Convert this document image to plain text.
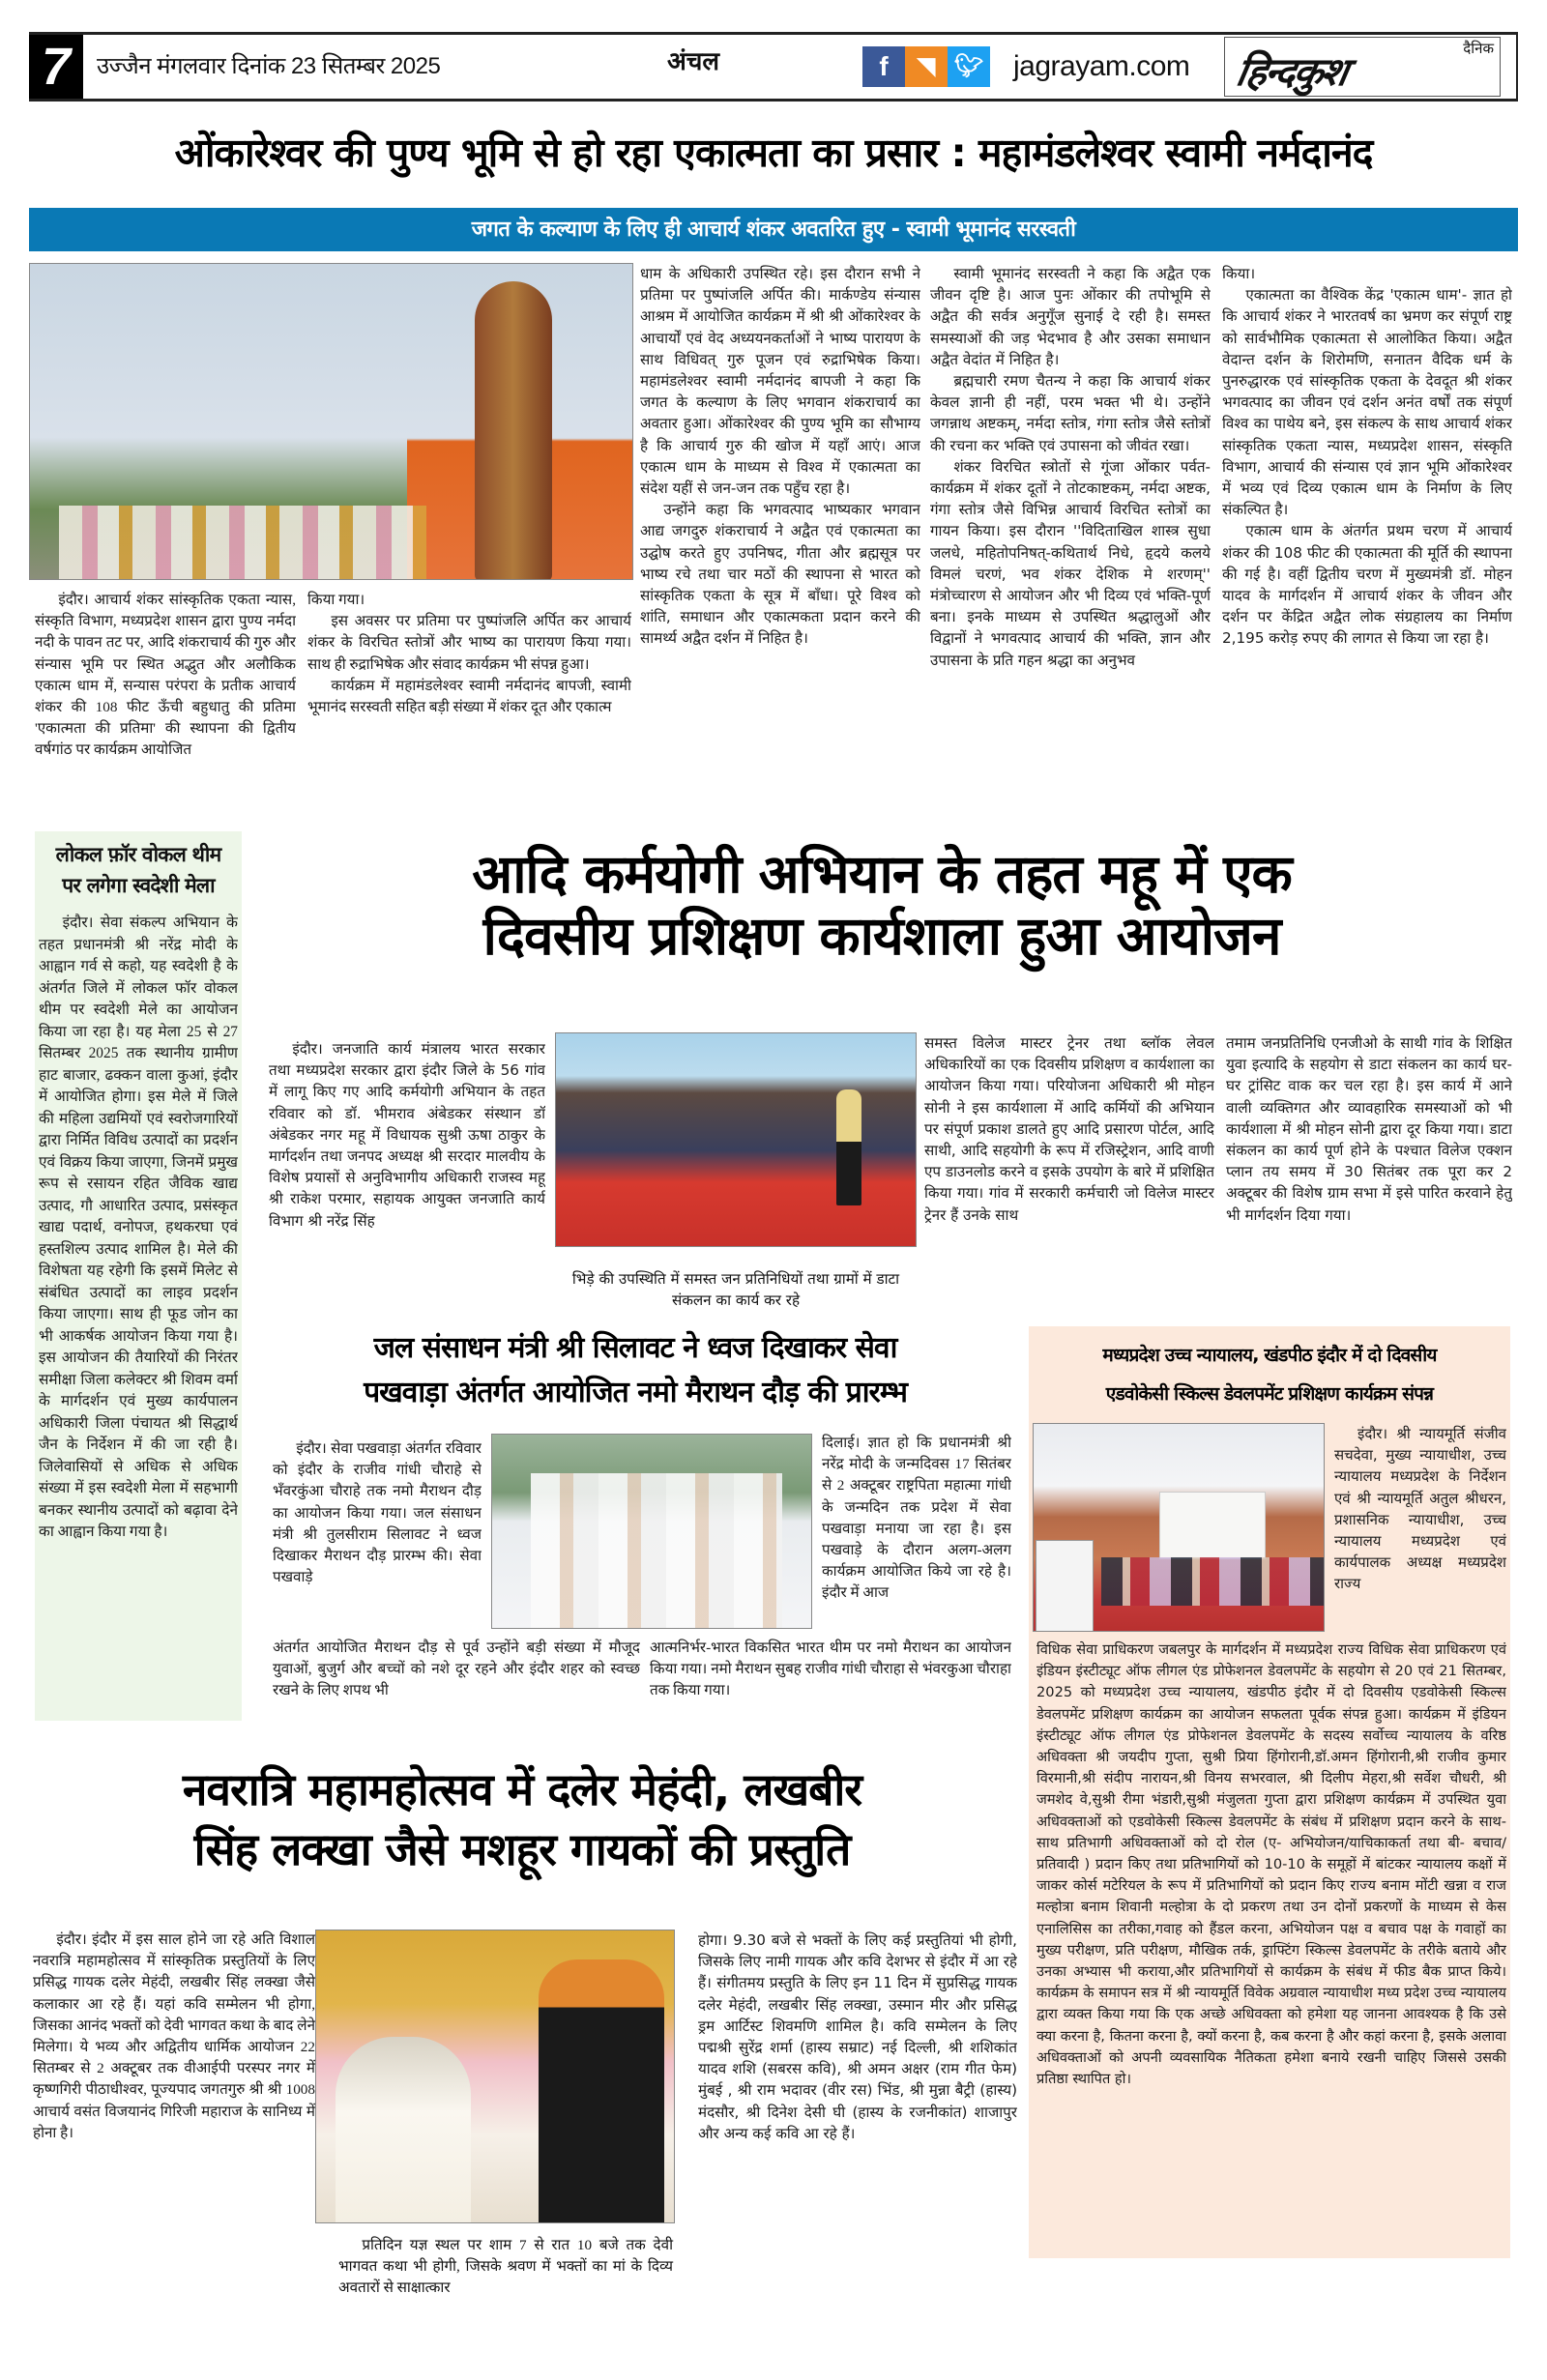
7	उज्जैन मंगलवार दिनांक 23 सितम्बर 2025	अंचल	f	◥ 🐦︎ jagrayam.com
दैनिक
हिन्दकुश
ओंकारेश्वर की पुण्य भूमि से हो रहा एकात्मता का प्रसार : महामंडलेश्वर स्वामी नर्मदानंद
जगत के कल्याण के लिए ही आचार्य शंकर अवतरित हुए - स्वामी भूमानंद सरस्वती

इंदौर। आचार्य शंकर सांस्कृतिक एकता न्यास, संस्कृति विभाग, मध्यप्रदेश शासन द्वारा पुण्य नर्मदा नदी के पावन तट पर, आदि शंकराचार्य की गुरु और संन्यास भूमि पर स्थित अद्भुत और अलौकिक एकात्म धाम में, सन्यास परंपरा के प्रतीक आचार्य शंकर की 108 फीट ऊँची बहुधातु की प्रतिमा 'एकात्मता की प्रतिमा' की स्थापना की द्वितीय वर्षगांठ पर कार्यक्रम आयोजित

किया गया।

इस अवसर पर प्रतिमा पर पुष्पांजलि अर्पित कर आचार्य शंकर के विरचित स्तोत्रों और भाष्य का पारायण किया गया। साथ ही रुद्राभिषेक और संवाद कार्यक्रम भी संपन्न हुआ।

कार्यक्रम में महामंडलेश्वर स्वामी नर्मदानंद बापजी, स्वामी भूमानंद सरस्वती सहित बड़ी संख्या में शंकर दूत और एकात्म

धाम के अधिकारी उपस्थित रहे। इस दौरान सभी ने प्रतिमा पर पुष्पांजलि अर्पित की। मार्कण्डेय संन्यास आश्रम में आयोजित कार्यक्रम में श्री श्री ओंकारेश्वर के आचार्यों एवं वेद अध्ययनकर्ताओं ने भाष्य पारायण के साथ विधिवत् गुरु पूजन एवं रुद्राभिषेक किया। महामंडलेश्वर स्वामी नर्मदानंद बापजी ने कहा कि जगत के कल्याण के लिए भगवान शंकराचार्य का अवतार हुआ। ओंकारेश्वर की पुण्य भूमि का सौभाग्य है कि आचार्य गुरु की खोज में यहाँ आएं। आज एकात्म धाम के माध्यम से विश्व में एकात्मता का संदेश यहीं से जन-जन तक पहुँच रहा है।

उन्होंने कहा कि भगवत्पाद भाष्यकार भगवान आद्य जगदुरु शंकराचार्य ने अद्वैत एवं एकात्मता का उद्घोष करते हुए उपनिषद, गीता और ब्रह्मसूत्र पर भाष्य रचे तथा चार मठों की स्थापना से भारत को सांस्कृतिक एकता के सूत्र में बाँधा। पूरे विश्व को शांति, समाधान और एकात्मकता प्रदान करने की सामर्थ्य अद्वैत दर्शन में निहित है।

स्वामी भूमानंद सरस्वती ने कहा कि अद्वैत एक जीवन दृष्टि है। आज पुनः ओंकार की तपोभूमि से अद्वैत की सर्वत्र अनुगूँज सुनाई दे रही है। समस्त समस्याओं की जड़ भेदभाव है और उसका समाधान अद्वैत वेदांत में निहित है।

ब्रह्मचारी रमण चैतन्य ने कहा कि आचार्य शंकर केवल ज्ञानी ही नहीं, परम भक्त भी थे। उन्होंने जगन्नाथ अष्टकम्, नर्मदा स्तोत्र, गंगा स्तोत्र जैसे स्तोत्रों की रचना कर भक्ति एवं उपासना को जीवंत रखा।

शंकर विरचित स्त्रोतों से गूंजा ओंकार पर्वत- कार्यक्रम में शंकर दूतों ने तोटकाष्टकम्, नर्मदा अष्टक, गंगा स्तोत्र जैसे विभिन्न आचार्य विरचित स्तोत्रों का गायन किया। इस दौरान ''विदिताखिल शास्त्र सुधा जलधे, महितोपनिषत्-कथितार्थ निधे, हृदये कलये विमलं चरणं, भव शंकर देशिक मे शरणम्'' मंत्रोच्चारण से आयोजन और भी दिव्य एवं भक्ति-पूर्ण बना। इनके माध्यम से उपस्थित श्रद्धालुओं और विद्वानों ने भगवत्पाद आचार्य की भक्ति, ज्ञान और उपासना के प्रति गहन श्रद्धा का अनुभव

किया।

एकात्मता का वैश्विक केंद्र 'एकात्म धाम'- ज्ञात हो कि आचार्य शंकर ने भारतवर्ष का भ्रमण कर संपूर्ण राष्ट्र को सार्वभौमिक एकात्मता से आलोकित किया। अद्वैत वेदान्त दर्शन के शिरोमणि, सनातन वैदिक धर्म के पुनरुद्धारक एवं सांस्कृतिक एकता के देवदूत श्री शंकर भगवत्पाद का जीवन एवं दर्शन अनंत वर्षों तक संपूर्ण विश्व का पाथेय बने, इस संकल्प के साथ आचार्य शंकर सांस्कृतिक एकता न्यास, मध्यप्रदेश शासन, संस्कृति विभाग, आचार्य की संन्यास एवं ज्ञान भूमि ओंकारेश्वर में भव्य एवं दिव्य एकात्म धाम के निर्माण के लिए संकल्पित है।

एकात्म धाम के अंतर्गत प्रथम चरण में आचार्य शंकर की 108 फीट की एकात्मता की मूर्ति की स्थापना की गई है। वहीं द्वितीय चरण में मुख्यमंत्री डॉ. मोहन यादव के मार्गदर्शन में आचार्य शंकर के जीवन और दर्शन पर केंद्रित अद्वैत लोक संग्रहालय का निर्माण 2,195 करोड़ रुपए की लागत से किया जा रहा है।

लोकल फ़ॉर वोकल थीम
पर लगेगा स्वदेशी मेला

इंदौर। सेवा संकल्प अभियान के तहत प्रधानमंत्री श्री नरेंद्र मोदी के आह्वान गर्व से कहो, यह स्वदेशी है के अंतर्गत जिले में लोकल फॉर वोकल थीम पर स्वदेशी मेले का आयोजन किया जा रहा है। यह मेला 25 से 27 सितम्बर 2025 तक स्थानीय ग्रामीण हाट बाजार, ढक्कन वाला कुआं, इंदौर में आयोजित होगा। इस मेले में जिले की महिला उद्यमियों एवं स्वरोजगारियों द्वारा निर्मित विविध उत्पादों का प्रदर्शन एवं विक्रय किया जाएगा, जिनमें प्रमुख रूप से रसायन रहित जैविक खाद्य उत्पाद, गौ आधारित उत्पाद, प्रसंस्कृत खाद्य पदार्थ, वनोपज, हथकरघा एवं हस्तशिल्प उत्पाद शामिल है। मेले की विशेषता यह रहेगी कि इसमें मिलेट से संबंधित उत्पादों का लाइव प्रदर्शन किया जाएगा। साथ ही फूड जोन का भी आकर्षक आयोजन किया गया है। इस आयोजन की तैयारियों की निरंतर समीक्षा जिला कलेक्टर श्री शिवम वर्मा के मार्गदर्शन एवं मुख्य कार्यपालन अधिकारी जिला पंचायत श्री सिद्धार्थ जैन के निर्देशन में की जा रही है। जिलेवासियों से अधिक से अधिक संख्या में इस स्वदेशी मेला में सहभागी बनकर स्थानीय उत्पादों को बढ़ावा देने का आह्वान किया गया है।

आदि कर्मयोगी अभियान के तहत महू में एक
दिवसीय प्रशिक्षण कार्यशाला हुआ आयोजन

इंदौर। जनजाति कार्य मंत्रालय भारत सरकार तथा मध्यप्रदेश सरकार द्वारा इंदौर जिले के 56 गांव में लागू किए गए आदि कर्मयोगी अभियान के तहत रविवार को डॉ. भीमराव अंबेडकर संस्थान डॉ अंबेडकर नगर महू में विधायक सुश्री ऊषा ठाकुर के मार्गदर्शन तथा जनपद अध्यक्ष श्री सरदार मालवीय के विशेष प्रयासों से अनुविभागीय अधिकारी राजस्व महू श्री राकेश परमार, सहायक आयुक्त जनजाति कार्य विभाग श्री नरेंद्र सिंह

भिड़े की उपस्थिति में समस्त जन प्रतिनिधियों तथा ग्रामों में डाटा संकलन का कार्य कर रहे

समस्त विलेज मास्टर ट्रेनर तथा ब्लॉक लेवल अधिकारियों का एक दिवसीय प्रशिक्षण व कार्यशाला का आयोजन किया गया। परियोजना अधिकारी श्री मोहन सोनी ने इस कार्यशाला में आदि कर्मियों की अभियान पर संपूर्ण प्रकाश डालते हुए आदि प्रसारण पोर्टल, आदि साथी, आदि सहयोगी के रूप में रजिस्ट्रेशन, आदि वाणी एप डाउनलोड करने व इसके उपयोग के बारे में प्रशिक्षित किया गया। गांव में सरकारी कर्मचारी जो विलेज मास्टर ट्रेनर हैं उनके साथ

तमाम जनप्रतिनिधि एनजीओ के साथी गांव के शिक्षित युवा इत्यादि के सहयोग से डाटा संकलन का कार्य घर-घर ट्रांसिट वाक कर चल रहा है। इस कार्य में आने वाली व्यक्तिगत और व्यावहारिक समस्याओं को भी कार्यशाला में श्री मोहन सोनी द्वारा दूर किया गया। डाटा संकलन का कार्य पूर्ण होने के पश्चात विलेज एक्शन प्लान तय समय में 30 सितंबर तक पूरा कर 2 अक्टूबर की विशेष ग्राम सभा में इसे पारित करवाने हेतु भी मार्गदर्शन दिया गया।

जल संसाधन मंत्री श्री सिलावट ने ध्वज दिखाकर सेवा
पखवाड़ा अंतर्गत आयोजित नमो मैराथन दौड़ की प्रारम्भ

इंदौर। सेवा पखवाड़ा अंतर्गत रविवार को इंदौर के राजीव गांधी चौराहे से भँवरकुंआ चौराहे तक नमो मैराथन दौड़ का आयोजन किया गया। जल संसाधन मंत्री श्री तुलसीराम सिलावट ने ध्वज दिखाकर मैराथन दौड़ प्रारम्भ की। सेवा पखवाड़े

दिलाई। ज्ञात हो कि प्रधानमंत्री श्री नरेंद्र मोदी के जन्मदिवस 17 सितंबर से 2 अक्टूबर राष्ट्रपिता महात्मा गांधी के जन्मदिन तक प्रदेश में सेवा पखवाड़ा मनाया जा रहा है। इस पखवाड़े के दौरान अलग-अलग कार्यक्रम आयोजित किये जा रहे है। इंदौर में आज

अंतर्गत आयोजित मैराथन दौड़ से पूर्व उन्होंने बड़ी संख्या में मौजूद युवाओं, बुजुर्ग और बच्चों को नशे दूर रहने और इंदौर शहर को स्वच्छ रखने के लिए शपथ भी

आत्मनिर्भर-भारत विकसित भारत थीम पर नमो मैराथन का आयोजन किया गया। नमो मैराथन सुबह राजीव गांधी चौराहा से भंवरकुआ चौराहा तक किया गया।

मध्यप्रदेश उच्च न्यायालय, खंडपीठ इंदौर में दो दिवसीय
एडवोकेसी स्किल्स डेवलपमेंट प्रशिक्षण कार्यक्रम संपन्न

इंदौर। श्री न्यायमूर्ति संजीव सचदेवा, मुख्य न्यायाधीश, उच्च न्यायालय मध्यप्रदेश के निर्देशन एवं श्री न्यायमूर्ति अतुल श्रीधरन, प्रशासनिक न्यायाधीश, उच्च न्यायालय मध्यप्रदेश एवं कार्यपालक अध्यक्ष मध्यप्रदेश राज्य

विधिक सेवा प्राधिकरण जबलपुर के मार्गदर्शन में मध्यप्रदेश राज्य विधिक सेवा प्राधिकरण एवं इंडियन इंस्टीट्यूट ऑफ लीगल एंड प्रोफेशनल डेवलपमेंट के सहयोग से 20 एवं 21 सितम्बर, 2025 को मध्यप्रदेश उच्च न्यायालय, खंडपीठ इंदौर में दो दिवसीय एडवोकेसी स्किल्स डेवलपमेंट प्रशिक्षण कार्यक्रम का आयोजन सफलता पूर्वक संपन्न हुआ। कार्यक्रम में इंडियन इंस्टीट्यूट ऑफ लीगल एंड प्रोफेशनल डेवलपमेंट के सदस्य सर्वोच्च न्यायालय के वरिष्ठ अधिवक्ता श्री जयदीप गुप्ता, सुश्री प्रिया हिंगोरानी,डॉ.अमन हिंगोरानी,श्री राजीव कुमार विरमानी,श्री संदीप नारायन,श्री विनय सभरवाल, श्री दिलीप मेहरा,श्री सर्वेश चौधरी, श्री जमशेद वे,सुश्री रीमा भंडारी,सुश्री मंजुलता गुप्ता द्वारा प्रशिक्षण कार्यक्रम में उपस्थित युवा अधिवक्ताओं को एडवोकेसी स्किल्स डेवलपमेंट के संबंध में प्रशिक्षण प्रदान करने के साथ- साथ प्रतिभागी अधिवक्ताओं को दो रोल (ए- अभियोजन/याचिकाकर्ता तथा बी- बचाव/प्रतिवादी ) प्रदान किए तथा प्रतिभागियों को 10-10 के समूहों में बांटकर न्यायालय कक्षों में जाकर कोर्स मटेरियल के रूप में प्रतिभागियों को प्रदान किए राज्य बनाम मोंटी खन्ना व राज मल्होत्रा बनाम शिवानी मल्होत्रा के दो प्रकरण तथा उन दोनों प्रकरणों के माध्यम से केस एनालिसिस का तरीका,गवाह को हैंडल करना, अभियोजन पक्ष व बचाव पक्ष के गवाहों का मुख्य परीक्षण, प्रति परीक्षण, मौखिक तर्क, ड्राफ्टिंग स्किल्स डेवलपमेंट के तरीके बताये और उनका अभ्यास भी कराया,और प्रतिभागियों से कार्यक्रम के संबंध में फीड बैक प्राप्त किये।कार्यक्रम के समापन सत्र में श्री न्यायमूर्ति विवेक अग्रवाल न्यायाधीश मध्य प्रदेश उच्च न्यायालय द्वारा व्यक्त किया गया कि एक अच्छे अधिवक्ता को हमेशा यह जानना आवश्यक है कि उसे क्या करना है, कितना करना है, क्यों करना है, कब करना है और कहां करना है, इसके अलावा अधिवक्ताओं को अपनी व्यवसायिक नैतिकता हमेशा बनाये रखनी चाहिए जिससे उसकी प्रतिष्ठा स्थापित हो।

नवरात्रि महामहोत्सव में दलेर मेहंदी, लखबीर
सिंह लक्खा जैसे मशहूर गायकों की प्रस्तुति

इंदौर। इंदौर में इस साल होने जा रहे अति विशाल नवरात्रि महामहोत्सव में सांस्कृतिक प्रस्तुतियों के लिए प्रसिद्ध गायक दलेर मेहंदी, लखबीर सिंह लक्खा जैसे कलाकार आ रहे हैं। यहां कवि सम्मेलन भी होगा, जिसका आनंद भक्तों को देवी भागवत कथा के बाद लेने मिलेगा। ये भव्य और अद्वितीय धार्मिक आयोजन 22 सितम्बर से 2 अक्टूबर तक वीआईपी परस्पर नगर में कृष्णगिरी पीठाधीश्वर, पूज्यपाद जगतगुरु श्री श्री 1008 आचार्य वसंत विजयानंद गिरिजी महाराज के सानिध्य में होना है।

प्रतिदिन यज्ञ स्थल पर शाम 7 से रात 10 बजे तक देवी भागवत कथा भी होगी, जिसके श्रवण में भक्तों का मां के दिव्य अवतारों से साक्षात्कार

होगा। 9.30 बजे से भक्तों के लिए कई प्रस्तुतियां भी होगी, जिसके लिए नामी गायक और कवि देशभर से इंदौर में आ रहे हैं। संगीतमय प्रस्तुति के लिए इन 11 दिन में सुप्रसिद्ध गायक दलेर मेहंदी, लखबीर सिंह लक्खा, उस्मान मीर और प्रसिद्ध ड्रम आर्टिस्ट शिवमणि शामिल है। कवि सम्मेलन के लिए पद्मश्री सुरेंद्र शर्मा (हास्य सम्राट) नई दिल्ली, श्री शशिकांत यादव शशि (सबरस कवि), श्री अमन अक्षर (राम गीत फेम) मुंबई , श्री राम भदावर (वीर रस) भिंड, श्री मुन्ना बैट्री (हास्य) मंदसौर, श्री दिनेश देसी घी (हास्य के रजनीकांत) शाजापुर और अन्य कई कवि आ रहे हैं।
